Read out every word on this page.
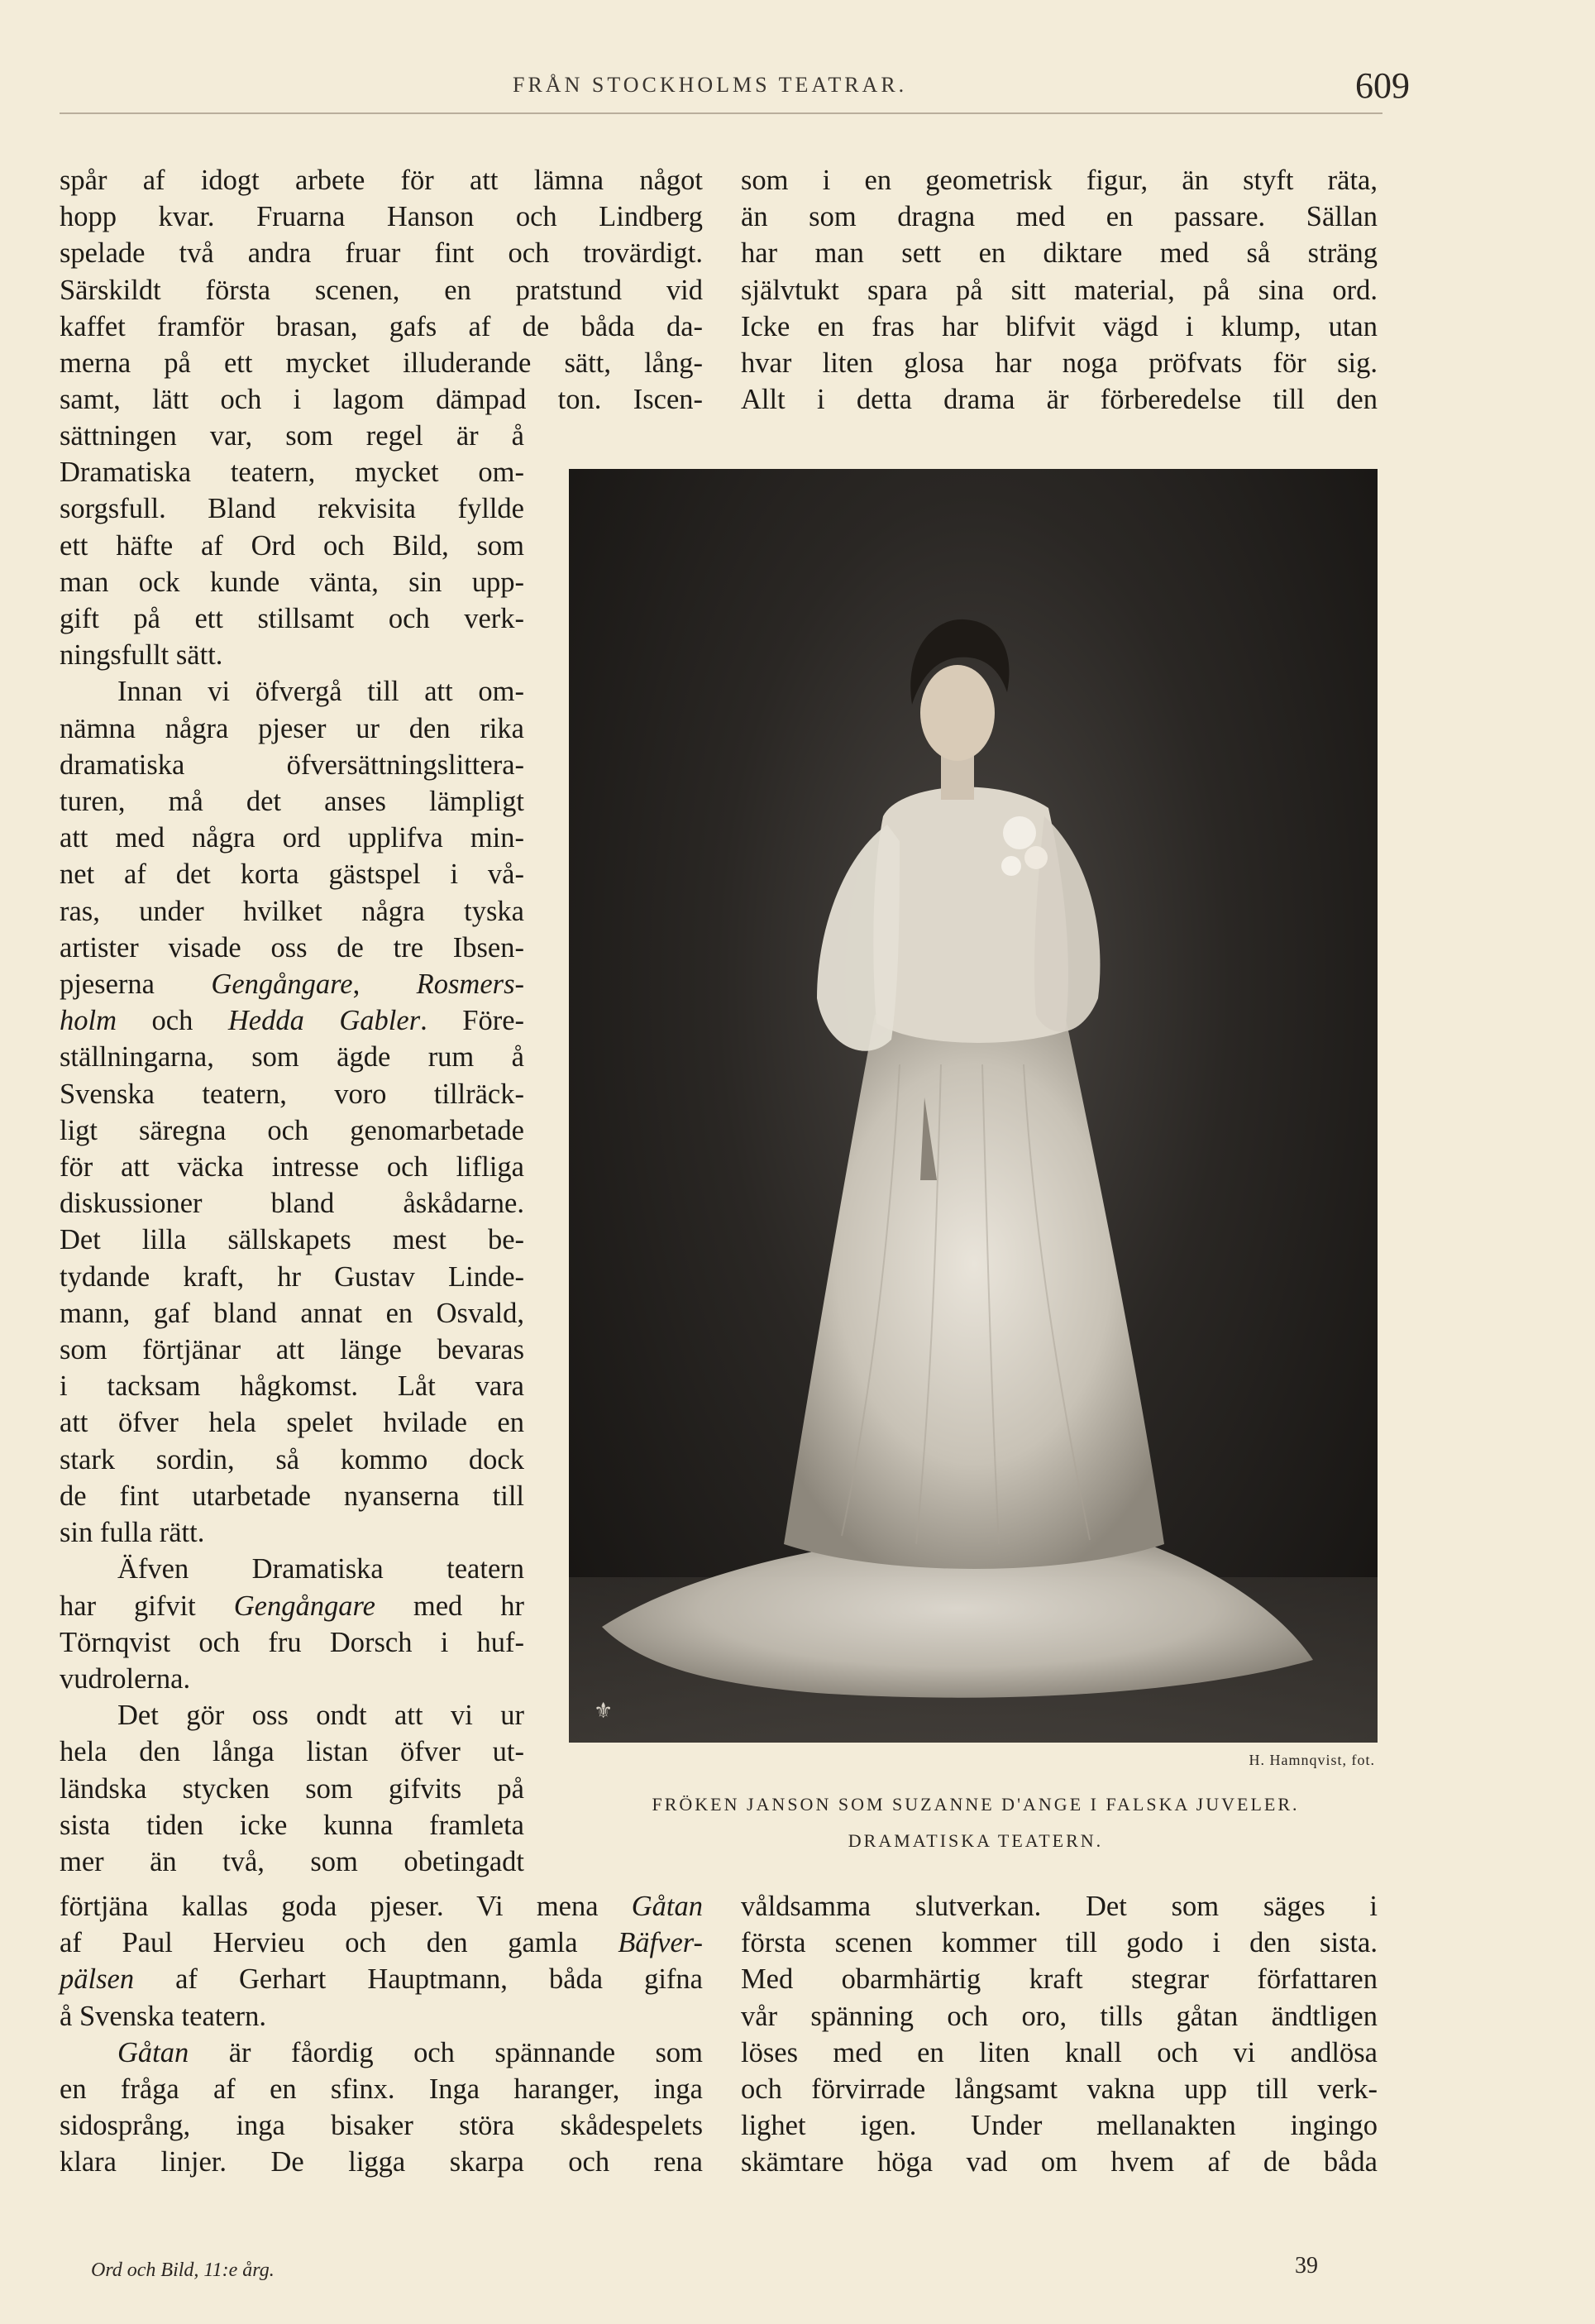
FRÅN STOCKHOLMS TEATRAR.	609
spår af idogt arbete för att lämna något
hopp kvar. Fruarna Hanson och Lindberg
spelade två andra fruar fint och trovärdigt.
Särskildt första scenen, en pratstund vid
kaffet framför brasan, gafs af de båda da-
merna på ett mycket illuderande sätt, lång-
samt, lätt och i lagom dämpad ton. Iscen-
sättningen var, som regel är å
Dramatiska teatern, mycket om-
sorgsfull. Bland rekvisita fyllde
ett häfte af Ord och Bild, som
man ock kunde vänta, sin upp-
gift på ett stillsamt och verk-
ningsfullt sätt.
Innan vi öfvergå till att om-
nämna några pjeser ur den rika
dramatiska öfversättningslittera-
turen, må det anses lämpligt
att med några ord upplifva min-
net af det korta gästspel i vå-
ras, under hvilket några tyska
artister visade oss de tre Ibsen-
pjeserna Gengångare, Rosmers-
holm och Hedda Gabler. Före-
ställningarna, som ägde rum å
Svenska teatern, voro tillräck-
ligt säregna och genomarbetade
för att väcka intresse och lifliga
diskussioner bland åskådarne.
Det lilla sällskapets mest be-
tydande kraft, hr Gustav Linde-
mann, gaf bland annat en Osvald,
som förtjänar att länge bevaras
i tacksam hågkomst. Låt vara
att öfver hela spelet hvilade en
stark sordin, så kommo dock
de fint utarbetade nyanserna till
sin fulla rätt.
Äfven Dramatiska teatern
har gifvit Gengångare med hr
Törnqvist och fru Dorsch i huf-
vudrolerna.
Det gör oss ondt att vi ur
hela den långa listan öfver ut-
ländska stycken som gifvits på
sista tiden icke kunna framleta
mer än två, som obetingadt
förtjäna kallas goda pjeser. Vi mena Gåtan
af Paul Hervieu och den gamla Bäfver-
pälsen af Gerhart Hauptmann, båda gifna
å Svenska teatern.
Gåtan är fåordig och spännande som
en fråga af en sfinx. Inga haranger, inga
sidosprång, inga bisaker störa skådespelets
klara linjer. De ligga skarpa och rena
som i en geometrisk figur, än styft räta,
än som dragna med en passare. Sällan
har man sett en diktare med så sträng
självtukt spara på sitt material, på sina ord.
Icke en fras har blifvit vägd i klump, utan
hvar liten glosa har noga pröfvats för sig.
Allt i detta drama är förberedelse till den
⚜
H. Hamnqvist, fot.
FRÖKEN JANSON SOM SUZANNE D'ANGE I FALSKA JUVELER.
DRAMATISKA TEATERN.
våldsamma slutverkan. Det som säges i
första scenen kommer till godo i den sista.
Med obarmhärtig kraft stegrar författaren
vår spänning och oro, tills gåtan ändtligen
löses med en liten knall och vi andlösa
och förvirrade långsamt vakna upp till verk-
lighet igen. Under mellanakten ingingo
skämtare höga vad om hvem af de båda
Ord och Bild, 11:e årg.	39
